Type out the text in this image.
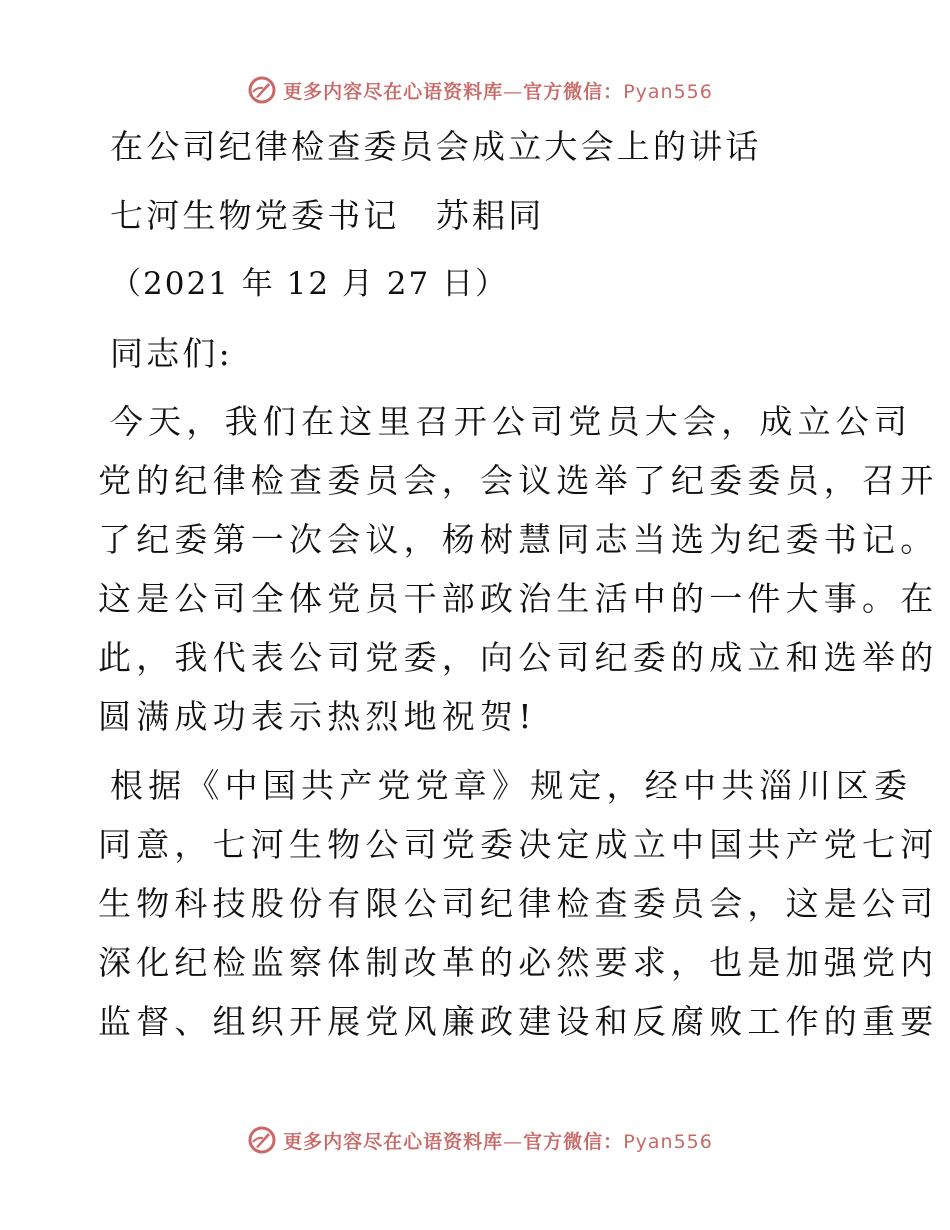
更多内容尽在心语资料库—官方微信：Pyan556
在公司纪律检查委员会成立大会上的讲话
七河生物党委书记　苏耜同
（2021 年 12 月 27 日）
同志们:
今天，我们在这里召开公司党员大会，成立公司
党的纪律检查委员会，会议选举了纪委委员，召开
了纪委第一次会议，杨树慧同志当选为纪委书记。
这是公司全体党员干部政治生活中的一件大事。在
此，我代表公司党委，向公司纪委的成立和选举的
圆满成功表示热烈地祝贺!
根据《中国共产党党章》规定，经中共淄川区委
同意，七河生物公司党委决定成立中国共产党七河
生物科技股份有限公司纪律检查委员会，这是公司
深化纪检监察体制改革的必然要求，也是加强党内
监督、组织开展党风廉政建设和反腐败工作的重要
更多内容尽在心语资料库—官方微信：Pyan556
